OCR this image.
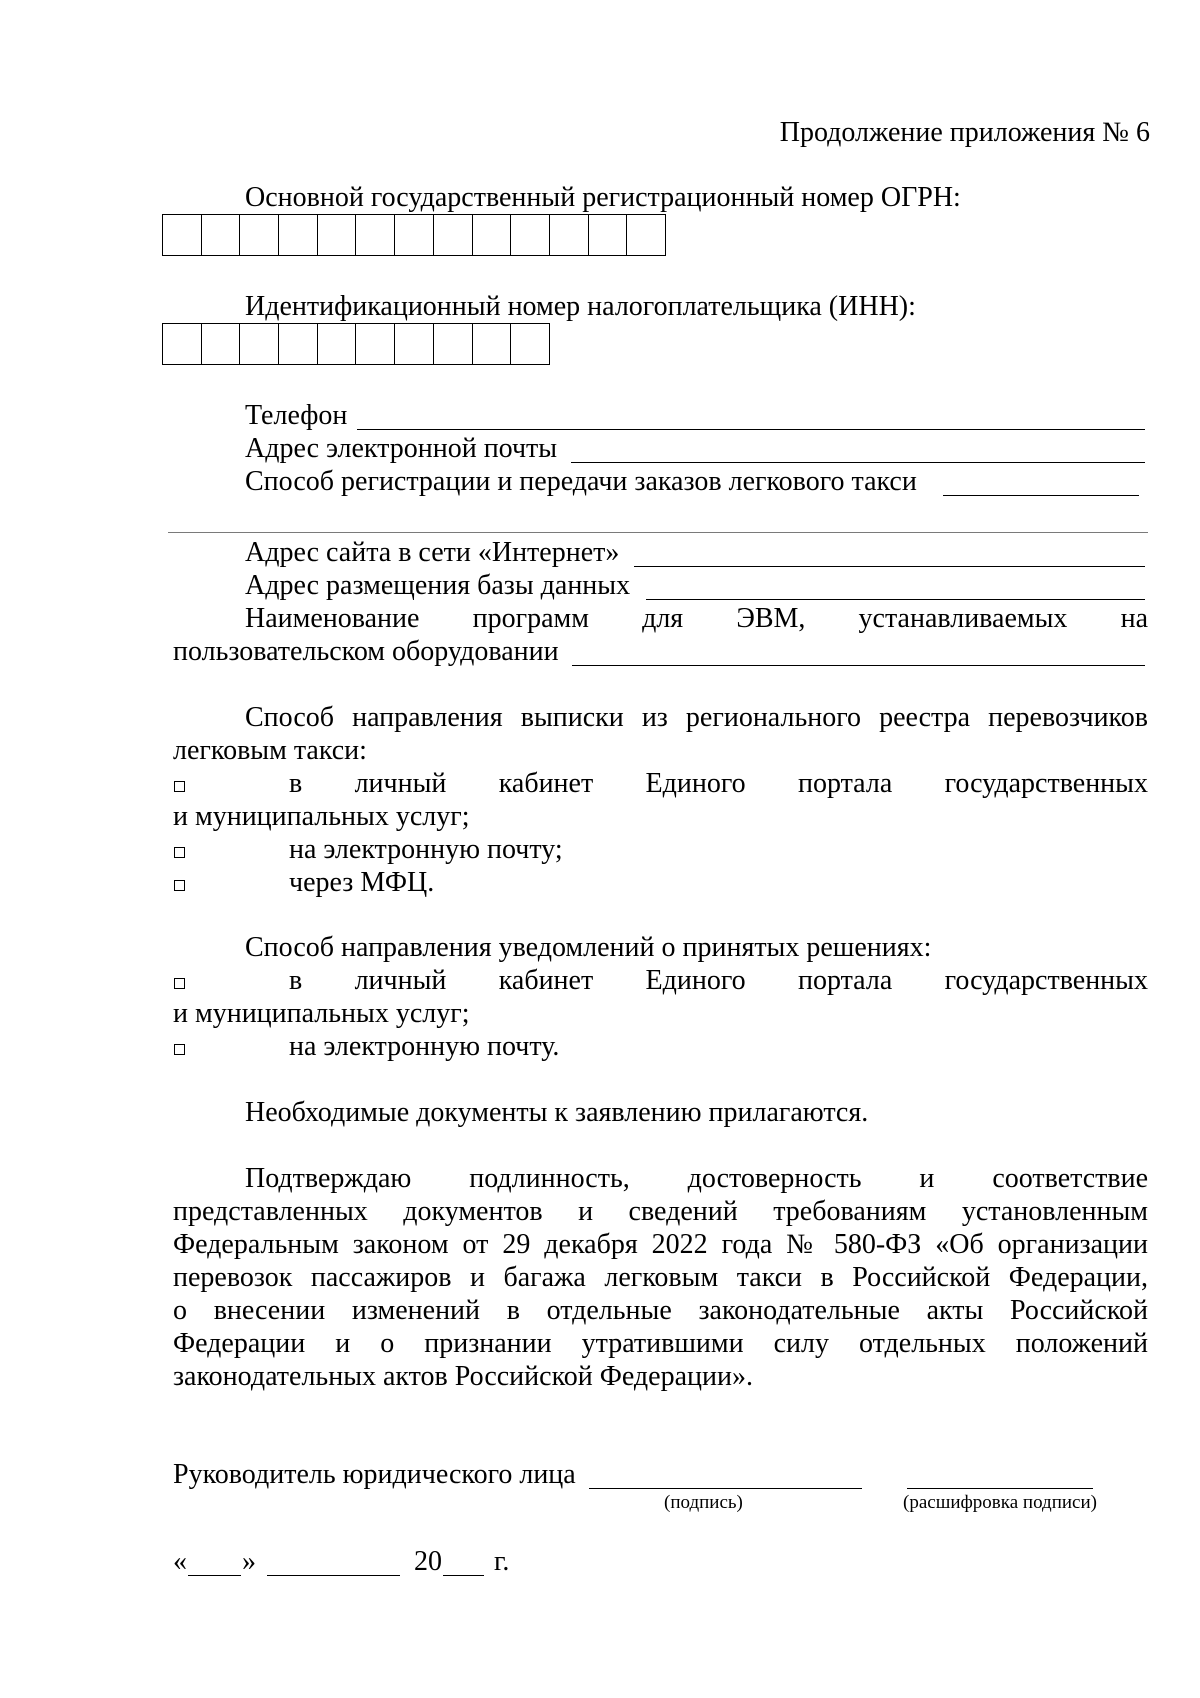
Продолжение приложения № 6
Основной государственный регистрационный номер ОГРН:
Идентификационный номер налогоплательщика (ИНН):
Телефон
Адрес электронной почты
Способ регистрации и передачи заказов легкового такси
Адрес сайта в сети «Интернет»
Адрес размещения базы данных
Наименование программ для ЭВМ, устанавливаемых на
пользовательском оборудовании
Способ направления выписки из регионального реестра перевозчиков
легковым такси:
в личный кабинет Единого портала государственных
и муниципальных услуг;
на электронную почту;
через МФЦ.
Способ направления уведомлений о принятых решениях:
в личный кабинет Единого портала государственных
и муниципальных услуг;
на электронную почту.
Необходимые документы к заявлению прилагаются.
Подтверждаю подлинность, достоверность и соответствие
представленных документов и сведений требованиям установленным
Федеральным законом от 29 декабря 2022 года № 580-ФЗ «Об организации
перевозок пассажиров и багажа легковым такси в Российской Федерации,
о внесении изменений в отдельные законодательные акты Российской
Федерации и о признании утратившими силу отдельных положений
законодательных актов Российской Федерации».
Руководитель юридического лица
(подпись)	(расшифровка подписи)
« »	20 г.
